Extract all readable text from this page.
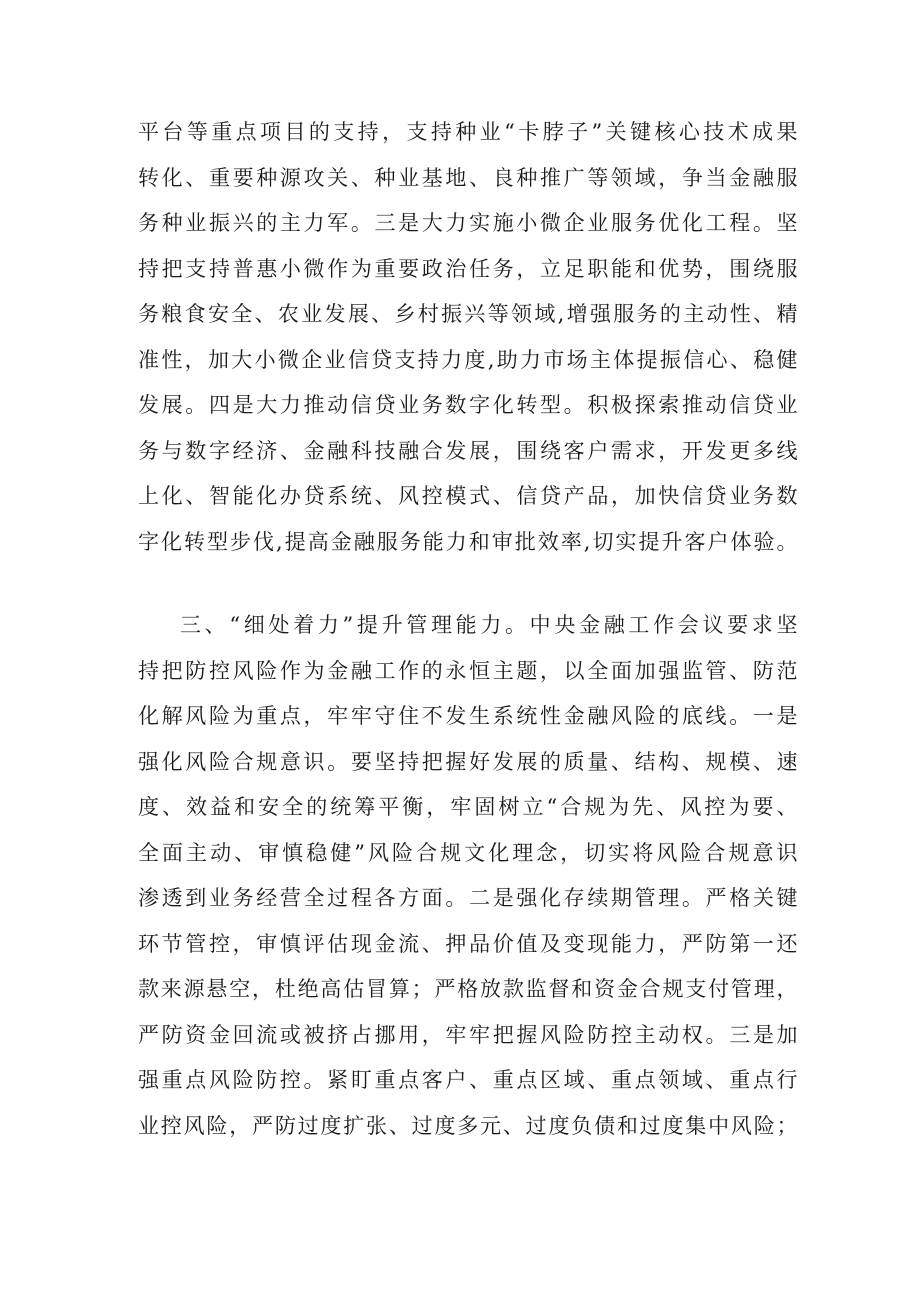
平台等重点项目的支持，支持种业“卡脖子”关键核心技术成果
转化、重要种源攻关、种业基地、良种推广等领域，争当金融服
务种业振兴的主力军。三是大力实施小微企业服务优化工程。坚
持把支持普惠小微作为重要政治任务，立足职能和优势，围绕服
务粮食安全、农业发展、乡村振兴等领域,增强服务的主动性、精
准性，加大小微企业信贷支持力度,助力市场主体提振信心、稳健
发展。四是大力推动信贷业务数字化转型。积极探索推动信贷业
务与数字经济、金融科技融合发展，围绕客户需求，开发更多线
上化、智能化办贷系统、风控模式、信贷产品，加快信贷业务数
字化转型步伐,提高金融服务能力和审批效率,切实提升客户体验。
三、“细处着力”提升管理能力。中央金融工作会议要求坚
持把防控风险作为金融工作的永恒主题，以全面加强监管、防范
化解风险为重点，牢牢守住不发生系统性金融风险的底线。一是
强化风险合规意识。要坚持把握好发展的质量、结构、规模、速
度、效益和安全的统筹平衡，牢固树立“合规为先、风控为要、
全面主动、审慎稳健”风险合规文化理念，切实将风险合规意识
渗透到业务经营全过程各方面。二是强化存续期管理。严格关键
环节管控，审慎评估现金流、押品价值及变现能力，严防第一还
款来源悬空，杜绝高估冒算；严格放款监督和资金合规支付管理，
严防资金回流或被挤占挪用，牢牢把握风险防控主动权。三是加
强重点风险防控。紧盯重点客户、重点区域、重点领域、重点行
业控风险，严防过度扩张、过度多元、过度负债和过度集中风险；
